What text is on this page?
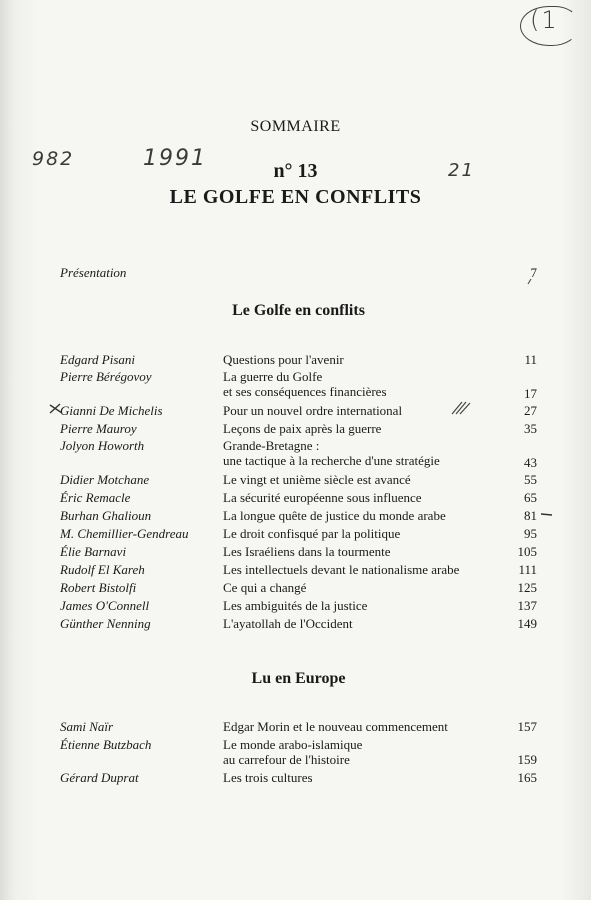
(1
982	1991	21
SOMMAIRE
n° 13
LE GOLFE EN CONFLITS
Présentation	7
Le Golfe en conflits
Edgard Pisani	Questions pour l'avenir	11
Pierre Bérégovoy	La guerre du Golfe
et ses conséquences financières	17
Gianni De Michelis	Pour un nouvel ordre international	27
Pierre Mauroy	Leçons de paix après la guerre	35
Jolyon Howorth	Grande-Bretagne :
une tactique à la recherche d'une stratégie	43
Didier Motchane	Le vingt et unième siècle est avancé	55
Éric Remacle	La sécurité européenne sous influence	65
Burhan Ghalioun	La longue quête de justice du monde arabe	81
M. Chemillier-Gendreau	Le droit confisqué par la politique	95
Élie Barnavi	Les Israéliens dans la tourmente	105
Rudolf El Kareh	Les intellectuels devant le nationalisme arabe	111
Robert Bistolfi	Ce qui a changé	125
James O'Connell	Les ambiguités de la justice	137
Günther Nenning	L'ayatollah de l'Occident	149
Lu en Europe
Sami Naïr	Edgar Morin et le nouveau commencement	157
Étienne Butzbach	Le monde arabo-islamique
au carrefour de l'histoire	159
Gérard Duprat	Les trois cultures	165
